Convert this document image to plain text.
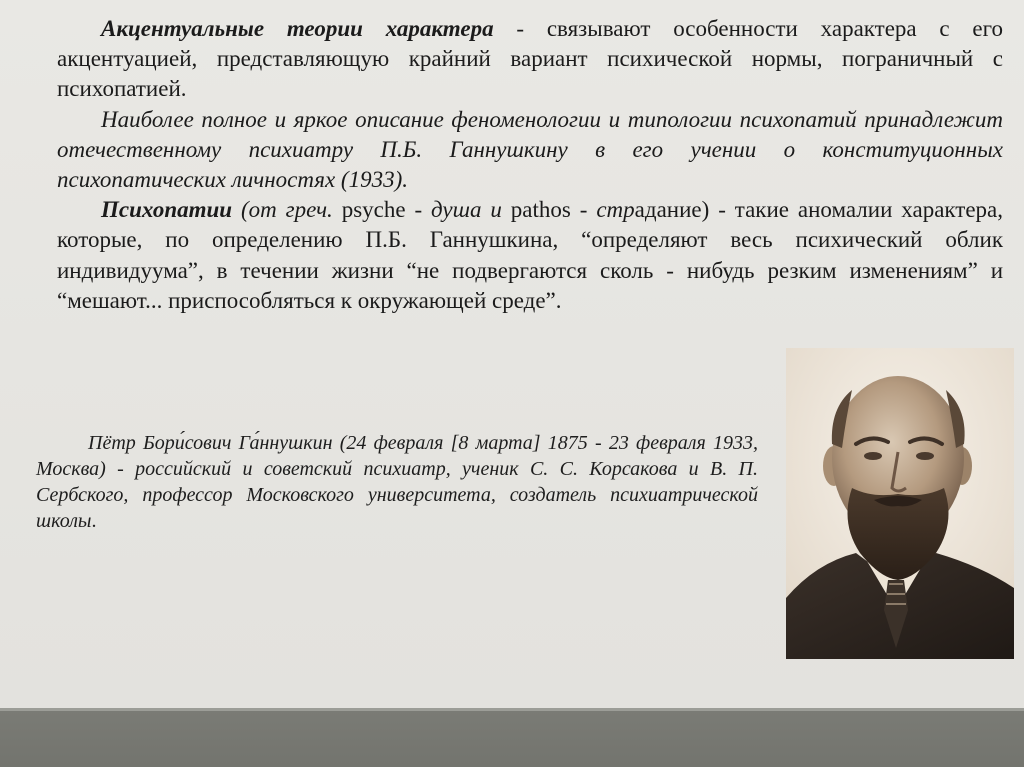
Акцентуальные теории характера - связывают особенности характера с его акцентуацией, представляющую крайний вариант психической нормы, пограничный с психопатией.

Наиболее полное и яркое описание феноменологии и типологии психопатий принадлежит отечественному психиатру П.Б. Ганнушкину в его учении о конституционных психопатических личностях (1933).

Психопатии (от греч. psyche - душа и pathos - страдание) - такие аномалии характера, которые, по определению П.Б. Ганнушкина, “определяют весь психический облик индивидуума”, в течении жизни “не подвергаются сколь - нибудь резким изменениям” и “мешают... приспособляться к окружающей среде”.

Пётр Бори́сович Га́ннушкин (24 февраля [8 марта] 1875 - 23 февраля 1933, Москва) - российский и советский психиатр, ученик С. С. Корсакова и В. П. Сербского, профессор Московского университета, создатель психиатрической школы.
